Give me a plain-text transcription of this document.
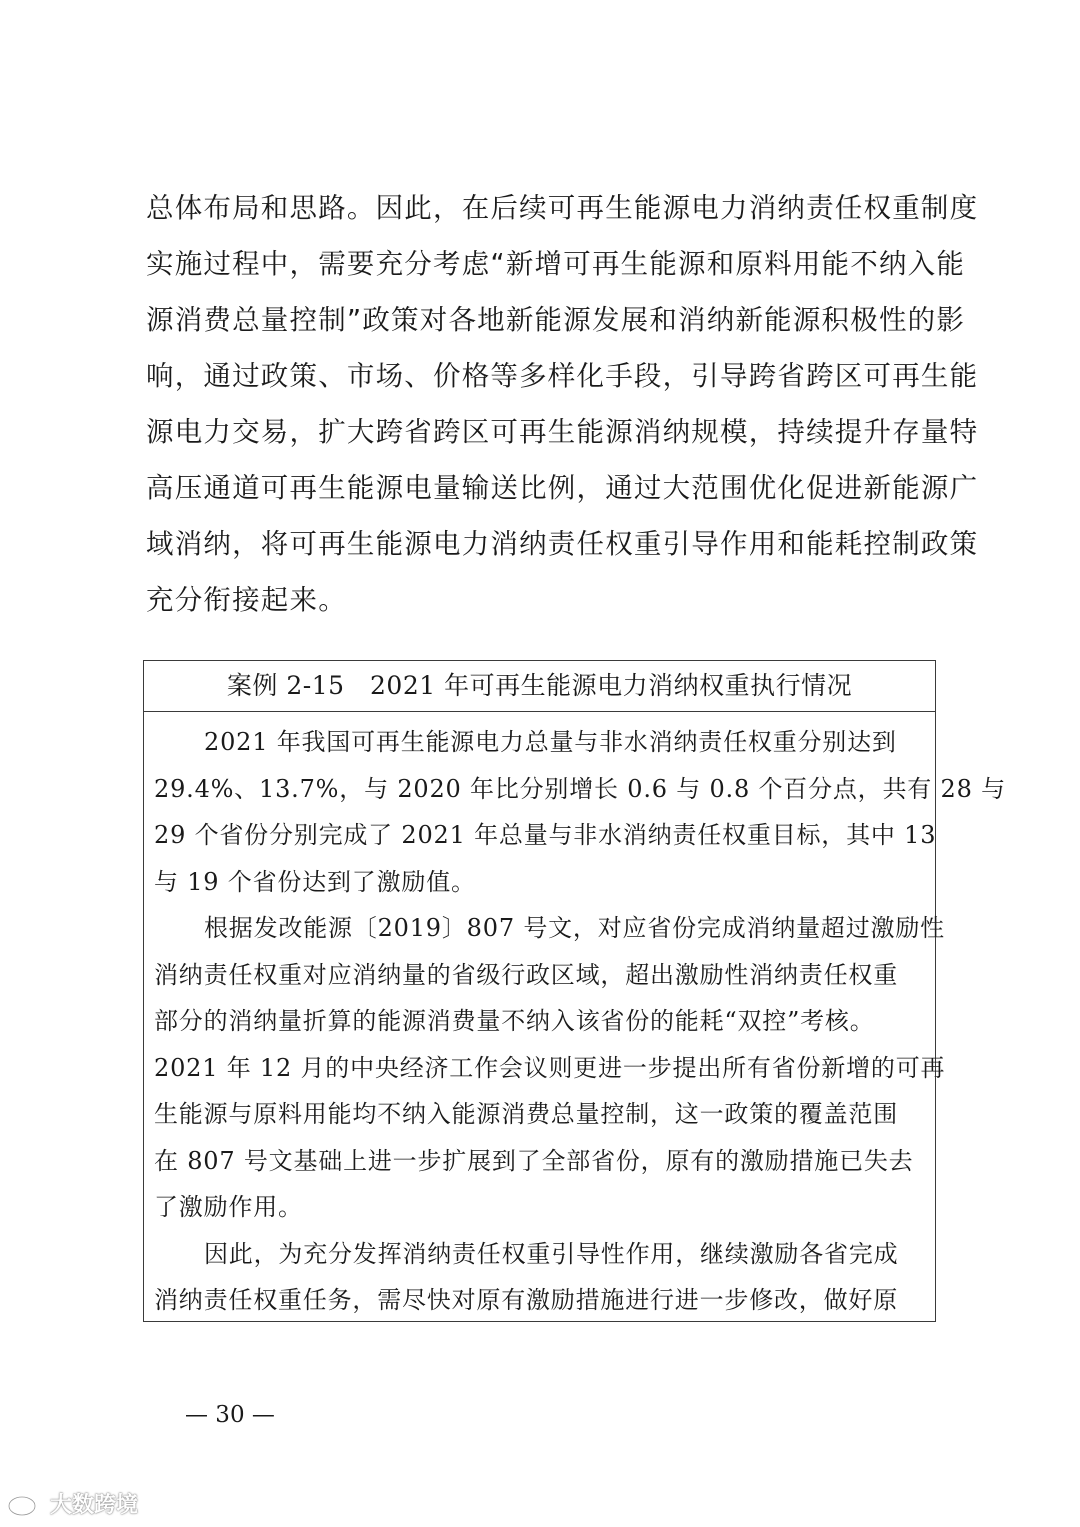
总体布局和思路。因此，在后续可再生能源电力消纳责任权重制度
实施过程中，需要充分考虑“新增可再生能源和原料用能不纳入能
源消费总量控制”政策对各地新能源发展和消纳新能源积极性的影
响，通过政策、市场、价格等多样化手段，引导跨省跨区可再生能
源电力交易，扩大跨省跨区可再生能源消纳规模，持续提升存量特
高压通道可再生能源电量输送比例，通过大范围优化促进新能源广
域消纳，将可再生能源电力消纳责任权重引导作用和能耗控制政策
充分衔接起来。
案例 2-15　2021 年可再生能源电力消纳权重执行情况
2021 年我国可再生能源电力总量与非水消纳责任权重分别达到
29.4%、13.7%，与 2020 年比分别增长 0.6 与 0.8 个百分点，共有 28 与
29 个省份分别完成了 2021 年总量与非水消纳责任权重目标，其中 13
与 19 个省份达到了激励值。
根据发改能源〔2019〕807 号文，对应省份完成消纳量超过激励性
消纳责任权重对应消纳量的省级行政区域，超出激励性消纳责任权重
部分的消纳量折算的能源消费量不纳入该省份的能耗“双控”考核。
2021 年 12 月的中央经济工作会议则更进一步提出所有省份新增的可再
生能源与原料用能均不纳入能源消费总量控制，这一政策的覆盖范围
在 807 号文基础上进一步扩展到了全部省份，原有的激励措施已失去
了激励作用。
因此，为充分发挥消纳责任权重引导性作用，继续激励各省完成
消纳责任权重任务，需尽快对原有激励措施进行进一步修改，做好原
— 30 —
大数跨境
